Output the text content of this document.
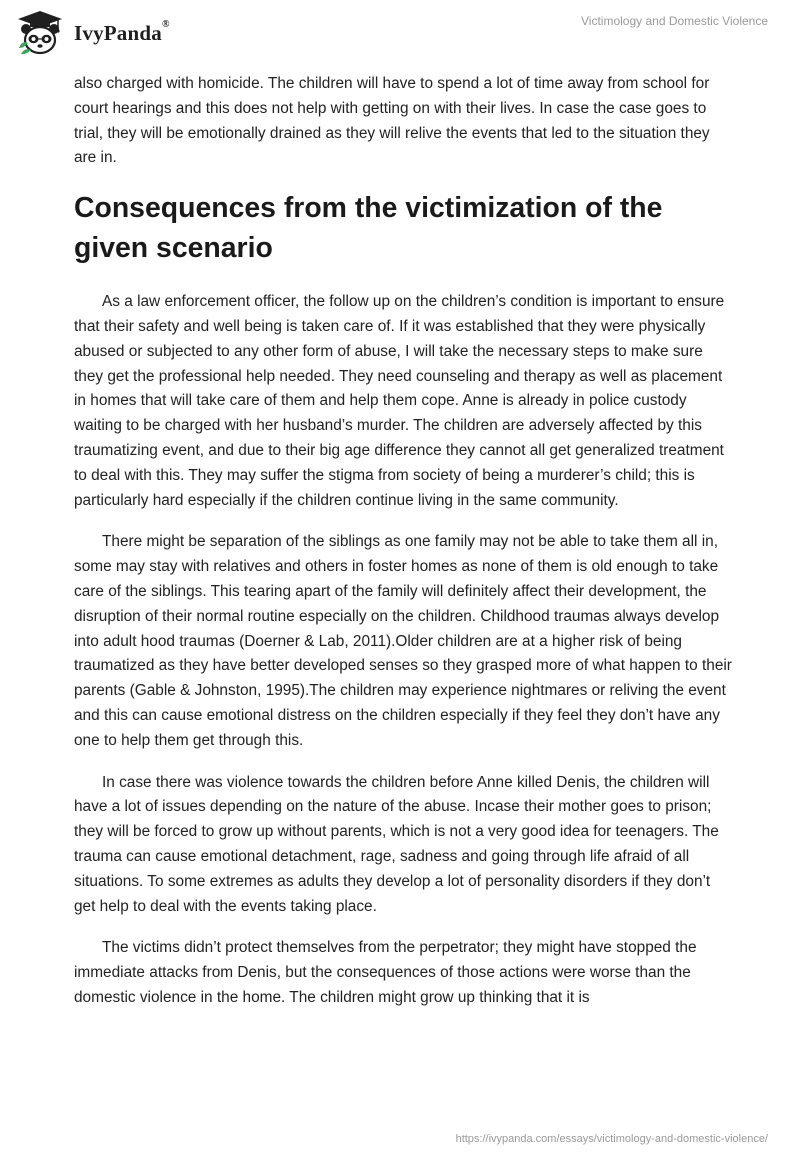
IvyPanda®	Victimology and Domestic Violence

also charged with homicide. The children will have to spend a lot of time away from school for court hearings and this does not help with getting on with their lives. In case the case goes to trial, they will be emotionally drained as they will relive the events that led to the situation they are in.

Consequences from the victimization of the given scenario

As a law enforcement officer, the follow up on the children’s condition is important to ensure that their safety and well being is taken care of. If it was established that they were physically abused or subjected to any other form of abuse, I will take the necessary steps to make sure they get the professional help needed. They need counseling and therapy as well as placement in homes that will take care of them and help them cope. Anne is already in police custody waiting to be charged with her husband’s murder. The children are adversely affected by this traumatizing event, and due to their big age difference they cannot all get generalized treatment to deal with this. They may suffer the stigma from society of being a murderer’s child; this is particularly hard especially if the children continue living in the same community.

There might be separation of the siblings as one family may not be able to take them all in, some may stay with relatives and others in foster homes as none of them is old enough to take care of the siblings. This tearing apart of the family will definitely affect their development, the disruption of their normal routine especially on the children. Childhood traumas always develop into adult hood traumas (Doerner & Lab, 2011).Older children are at a higher risk of being traumatized as they have better developed senses so they grasped more of what happen to their parents (Gable & Johnston, 1995).The children may experience nightmares or reliving the event and this can cause emotional distress on the children especially if they feel they don’t have any one to help them get through this.

In case there was violence towards the children before Anne killed Denis, the children will have a lot of issues depending on the nature of the abuse. Incase their mother goes to prison; they will be forced to grow up without parents, which is not a very good idea for teenagers. The trauma can cause emotional detachment, rage, sadness and going through life afraid of all situations. To some extremes as adults they develop a lot of personality disorders if they don’t get help to deal with the events taking place.

The victims didn’t protect themselves from the perpetrator; they might have stopped the immediate attacks from Denis, but the consequences of those actions were worse than the domestic violence in the home. The children might grow up thinking that it is

https://ivypanda.com/essays/victimology-and-domestic-violence/
